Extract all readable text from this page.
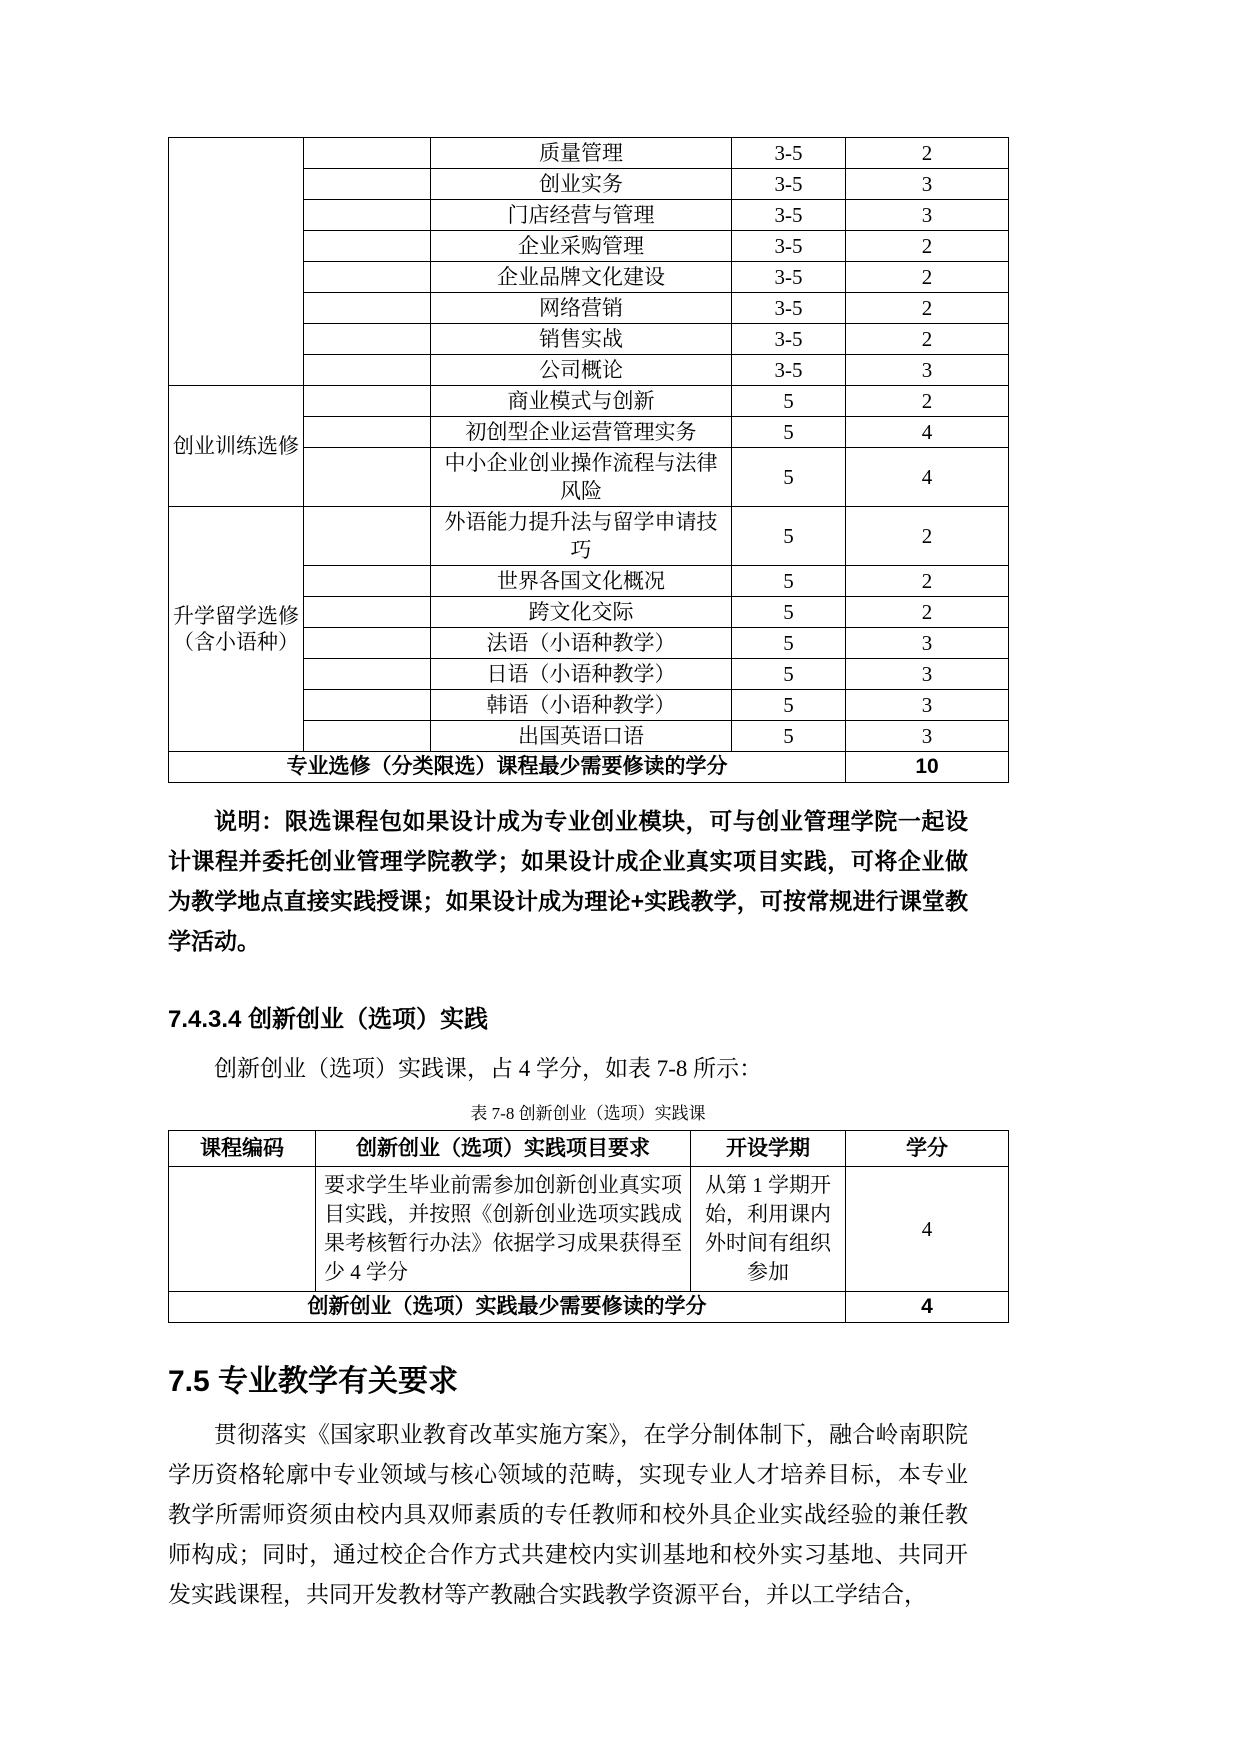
		质量管理	3-5	2
		创业实务	3-5	3
		门店经营与管理	3-5	3
		企业采购管理	3-5	2
		企业品牌文化建设	3-5	2
		网络营销	3-5	2
		销售实战	3-5	2
		公司概论	3-5	3
创业训练选修		商业模式与创新	5	2
		初创型企业运营管理实务	5	4
		中小企业创业操作流程与法律风险	5	4
升学留学选修（含小语种）		外语能力提升法与留学申请技巧	5	2
		世界各国文化概况	5	2
		跨文化交际	5	2
		法语（小语种教学）	5	3
		日语（小语种教学）	5	3
		韩语（小语种教学）	5	3
		出国英语口语	5	3
专业选修（分类限选）课程最少需要修读的学分				10

说明：限选课程包如果设计成为专业创业模块，可与创业管理学院一起设计课程并委托创业管理学院教学；如果设计成企业真实项目实践，可将企业做为教学地点直接实践授课；如果设计成为理论+实践教学，可按常规进行课堂教学活动。

7.4.3.4 创新创业（选项）实践

创新创业（选项）实践课，占 4 学分，如表 7-8 所示：

表 7-8 创新创业（选项）实践课
课程编码	创新创业（选项）实践项目要求	开设学期	学分
	要求学生毕业前需参加创新创业真实项目实践，并按照《创新创业选项实践成果考核暂行办法》依据学习成果获得至少 4 学分	从第 1 学期开始，利用课内外时间有组织参加	4
创新创业（选项）实践最少需要修读的学分			4
7.5 专业教学有关要求

贯彻落实《国家职业教育改革实施方案》，在学分制体制下，融合岭南职院学历资格轮廓中专业领域与核心领域的范畴，实现专业人才培养目标，本专业教学所需师资须由校内具双师素质的专任教师和校外具企业实战经验的兼任教师构成；同时，通过校企合作方式共建校内实训基地和校外实习基地、共同开发实践课程，共同开发教材等产教融合实践教学资源平台，并以工学结合，
